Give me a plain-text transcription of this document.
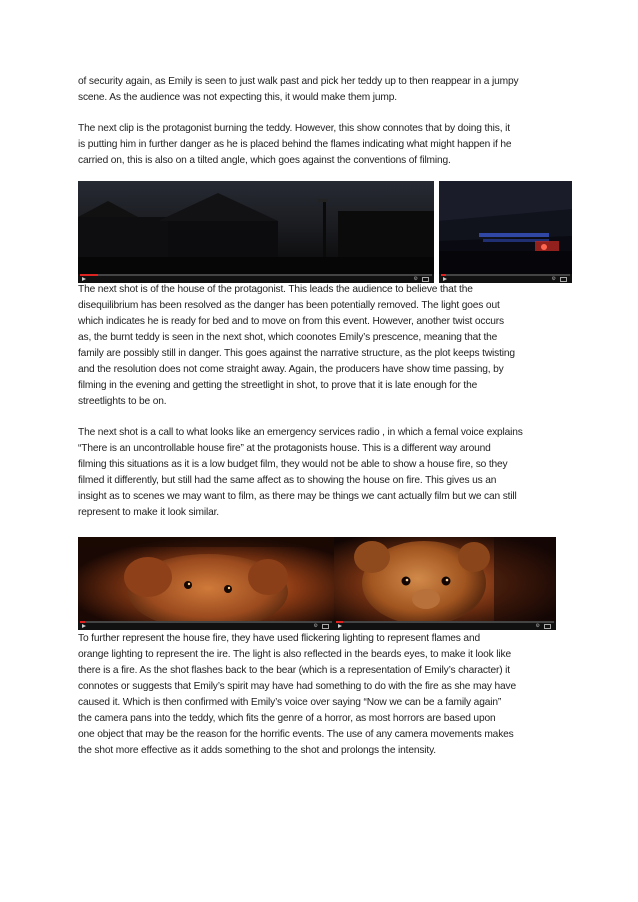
of security again, as Emily is seen to just walk past and pick her teddy up to then reappear in a jumpy
scene. As the audience was not expecting this, it would make them jump.
The next clip is the protagonist burning the teddy. However, this show connotes that by doing this, it
is putting him in further danger as he is placed behind the flames indicating what might happen if he
carried on, this is also on a tilted angle, which goes against the conventions of filming.
⚙	⚙
The next shot is of the house of the protagonist. This leads the audience to believe that the
disequilibrium has been resolved as the danger has been potentially removed. The light goes out
which indicates he is ready for bed and to move on from this event. However, another twist occurs
as, the burnt teddy is seen in the next shot, which coonotes Emily’s prescence, meaning that the
family are possibly still in danger. This goes against the narrative structure, as the plot keeps twisting
and the resolution does not come straight away. Again, the producers have show time passing, by
filming in the evening and getting the streetlight in shot, to prove that it is late enough for the
streetlights to be on.
The next shot is a call to what looks like an emergency services radio , in which a femal voice explains
“There is an uncontrollable house fire” at the protagonists house. This is a different way around
filming this situations as it is a low budget film, they would not be able to show a house fire, so they
filmed it differently, but still had the same affect as to showing the house on fire. This gives us an
insight as to scenes we may want to film, as there may be things we cant actually film but we can still
represent to make it look similar.
⚙	⚙
To further represent the house fire, they have used flickering lighting to represent flames and
orange lighting to represent the ire. The light is also reflected in the beards eyes, to make it look like
there is a fire. As the shot flashes back to the bear (which is a representation of Emily’s character) it
connotes or suggests that Emily’s spirit may have had something to do with the fire as she may have
caused it. Which is then confirmed with Emily’s voice over saying “Now we can be a family again”
the camera pans into the teddy, which fits the genre of a horror, as most horrors are based upon
one object that may be the reason for the horrific events. The use of any camera movements makes
the shot more effective as it adds something to the shot and prolongs the intensity.
